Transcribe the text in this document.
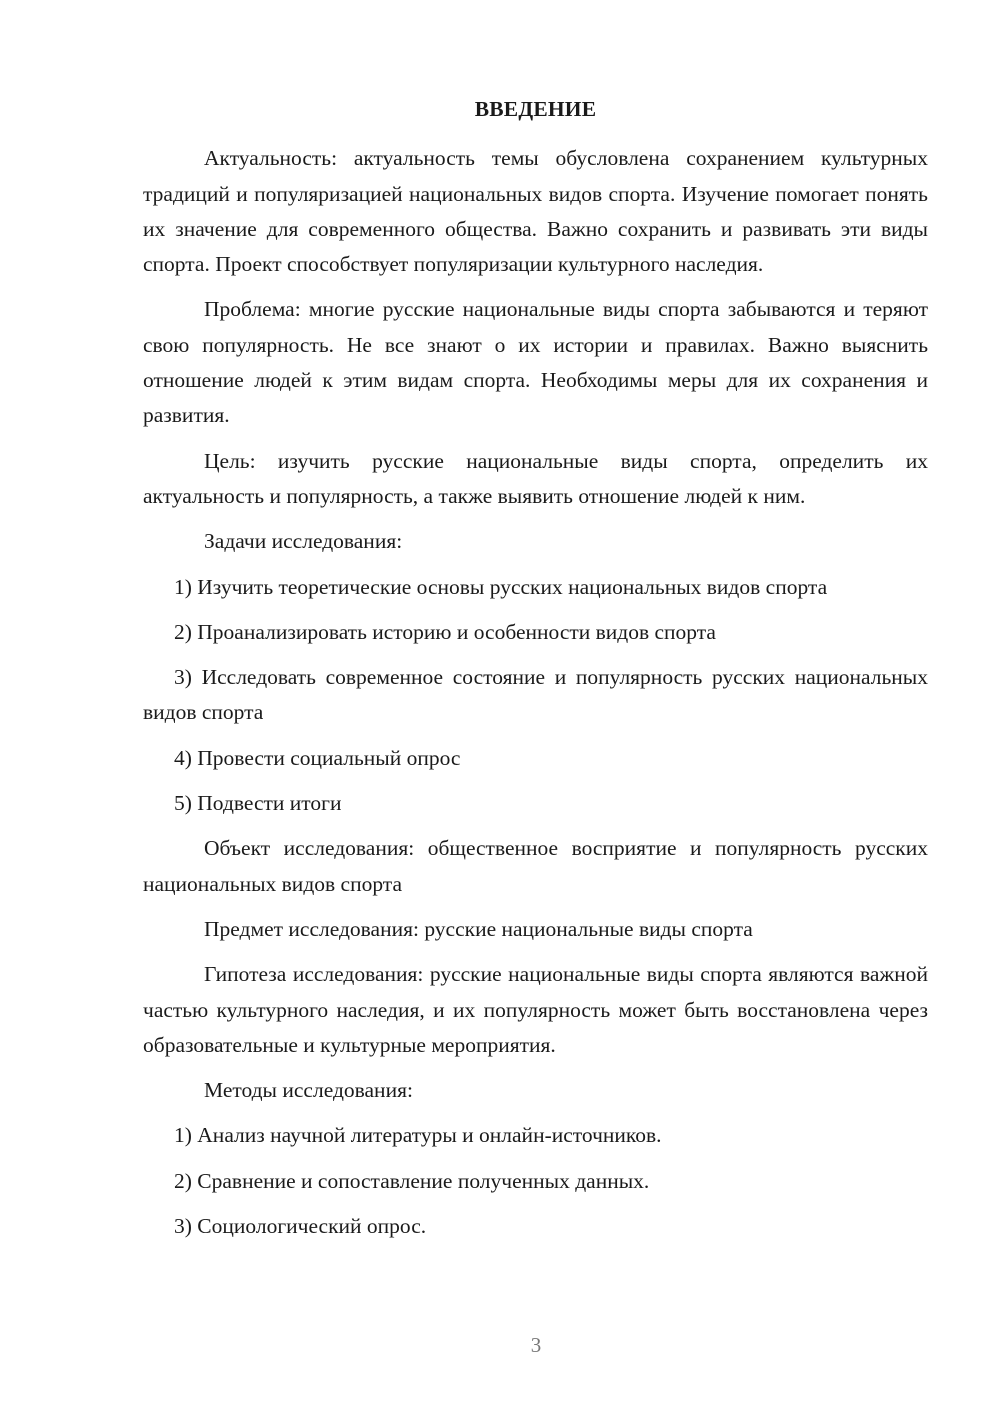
ВВЕДЕНИЕ

Актуальность: актуальность темы обусловлена сохранением культурных традиций и популяризацией национальных видов спорта. Изучение помогает понять их значение для современного общества. Важно сохранить и развивать эти виды спорта. Проект способствует популяризации культурного наследия.

Проблема: многие русские национальные виды спорта забываются и теряют свою популярность. Не все знают о их истории и правилах. Важно выяснить отношение людей к этим видам спорта. Необходимы меры для их сохранения и развития.

Цель: изучить русские национальные виды спорта, определить их актуальность и популярность, а также выявить отношение людей к ним.

Задачи исследования:

1) Изучить теоретические основы русских национальных видов спорта

2) Проанализировать историю и особенности видов спорта

3) Исследовать современное состояние и популярность русских национальных видов спорта

4) Провести социальный опрос

5) Подвести итоги

Объект исследования: общественное восприятие и популярность русских национальных видов спорта

Предмет исследования: русские национальные виды спорта

Гипотеза исследования: русские национальные виды спорта являются важной частью культурного наследия, и их популярность может быть восстановлена через образовательные и культурные мероприятия.

Методы исследования:

1) Анализ научной литературы и онлайн-источников.

2) Сравнение и сопоставление полученных данных.

3) Социологический опрос.

3
